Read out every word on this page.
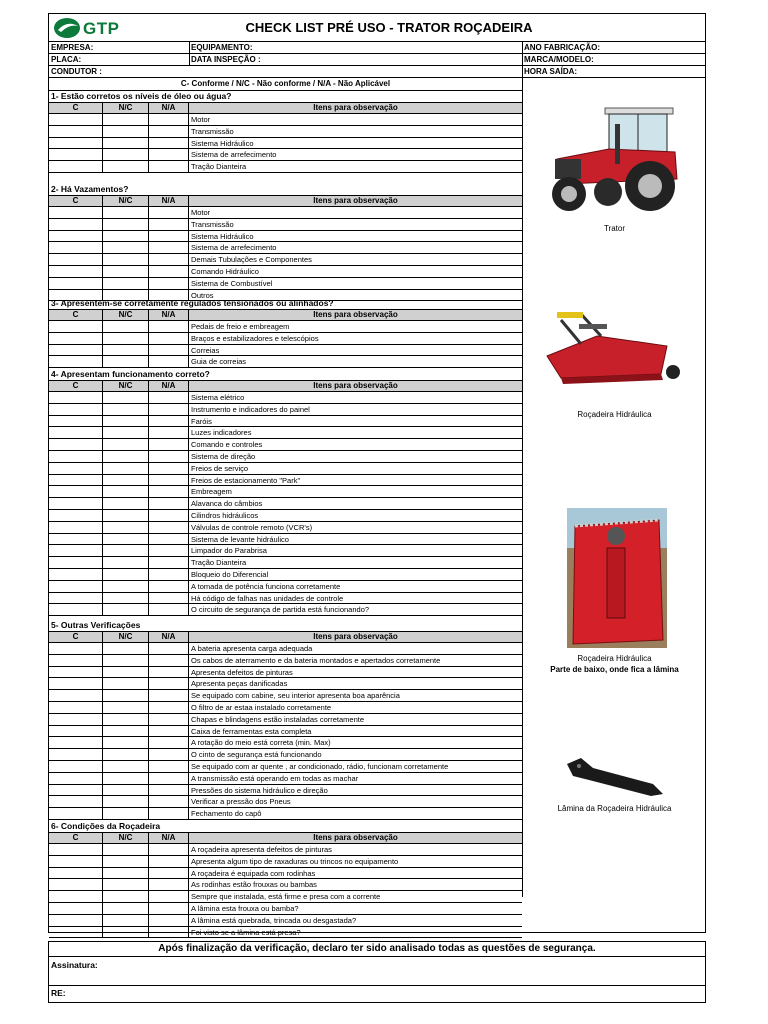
GTP	CHECK LIST PRÉ USO - TRATOR ROÇADEIRA
EMPRESA:	EQUIPAMENTO:	ANO FABRICAÇÃO:
PLACA:	DATA INSPEÇÃO :	MARCA/MODELO:
CONDUTOR :	HORA SAÍDA:
C- Conforme / N/C - Não conforme / N/A - Não Aplicável
1- Estão corretos os níveis de óleo ou água?
C	N/C	N/A	Itens para observação
Motor
Transmissão
Sistema Hidráulico
Sistema de arrefecimento
Tração Dianteira
2- Há Vazamentos?
C	N/C	N/A	Itens para observação
Motor
Transmissão
Sistema Hidráulico
Sistema de arrefecimento
Demais Tubulações e Componentes
Comando Hidráulico
Sistema de Combustível
Outros
3- Apresentem-se corretamente regulados tensionados ou alinhados?
C	N/C	N/A	Itens para observação
Pedais de freio e embreagem
Braços e estabilizadores e telescópios
Correias
Guia de correias
4- Apresentam funcionamento correto?
C	N/C	N/A	Itens para observação
Sistema elétrico
Instrumento e indicadores do painel
Faróis
Luzes indicadores
Comando e controles
Sistema de direção
Freios de serviço
Freios de estacionamento "Park"
Embreagem
Alavanca do câmbios
Cilindros hidráulicos
Válvulas de controle remoto (VCR's)
Sistema de levante hidráulico
Limpador do Parabrisa
Tração Dianteira
Bloqueio do Diferencial
A tomada de potência funciona corretamente
Há código de falhas nas unidades de controle
O circuito de segurança de partida está funcionando?
5- Outras Verificações
C	N/C	N/A	Itens para observação
A bateria apresenta carga adequada
Os cabos de aterramento e da bateria montados e apertados corretamente
Apresenta defeitos de pinturas
Apresenta peças danificadas
Se equipado com cabine, seu interior apresenta boa aparência
O filtro de ar estaa instalado corretamente
Chapas e blindagens estão instaladas corretamente
Caixa de ferramentas esta completa
A rotação do meio está correta (min. Max)
O cinto de segurança está funcionando
Se equipado com ar quente , ar condicionado, rádio, funcionam corretamente
A transmissão está operando em todas as machar
Pressões do sistema hidráulico e direção
Verificar a pressão dos Pneus
Fechamento do capô
6- Condições da Roçadeira
C	N/C	N/A	Itens para observação
A roçadeira apresenta defeitos de pinturas
Apresenta algum tipo de raxaduras ou trincos no equipamento
A roçadeira é equipada com rodinhas
As rodinhas estão frouxas ou bambas
Sempre que instalada, está firme e presa com a corrente
A lâmina esta frouxa ou bamba?
A lâmina está quebrada, trincada ou desgastada?
Foi visto se a lâmina está presa?
Trator
Roçadeira Hidráulica
Roçadeira Hidráulica
Parte de baixo, onde fica a lâmina
Lâmina da Roçadeira Hidráulica
Após finalização da verificação, declaro ter sido analisado todas as questões de segurança.
Assinatura:
RE:
